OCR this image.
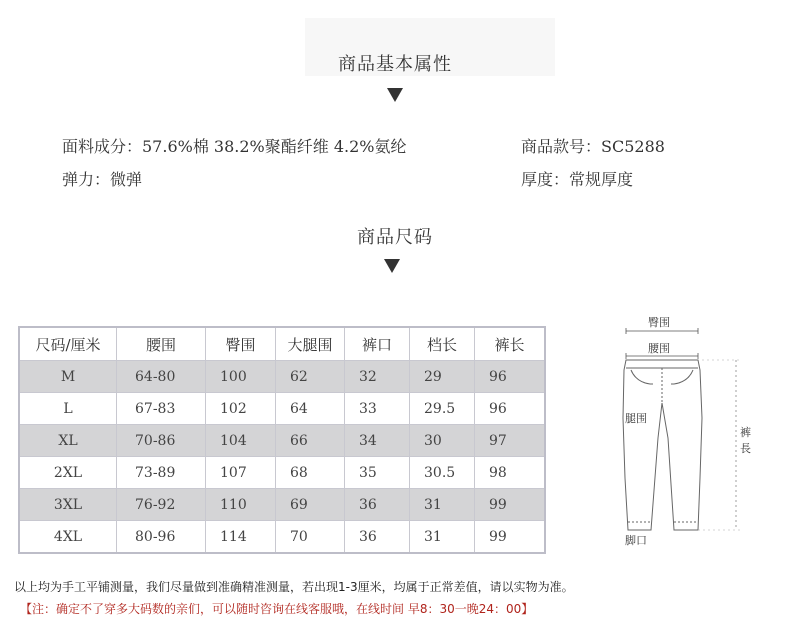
商品基本属性
面料成分：57.6%棉 38.2%聚酯纤维 4.2%氨纶	商品款号：SC5288
弹力：微弹	厚度：常规厚度
商品尺码
尺码/厘米	腰围	臀围	大腿围	裤口	档长	裤长
M	64-80	100	62	32	29	96
L	67-83	102	64	33	29.5	96
XL	70-86	104	66	34	30	97
2XL	73-89	107	68	35	30.5	98
3XL	76-92	110	69	36	31	99
4XL	80-96	114	70	36	31	99
臀围
腰围
腿围
裤
長
脚口
以上均为手工平铺测量，我们尽量做到准确精准测量，若出现1-3厘米，均属于正常差值，请以实物为准。
【注：确定不了穿多大码数的亲们，可以随时咨询在线客服哦，在线时间 早8：30一晚24：00】
